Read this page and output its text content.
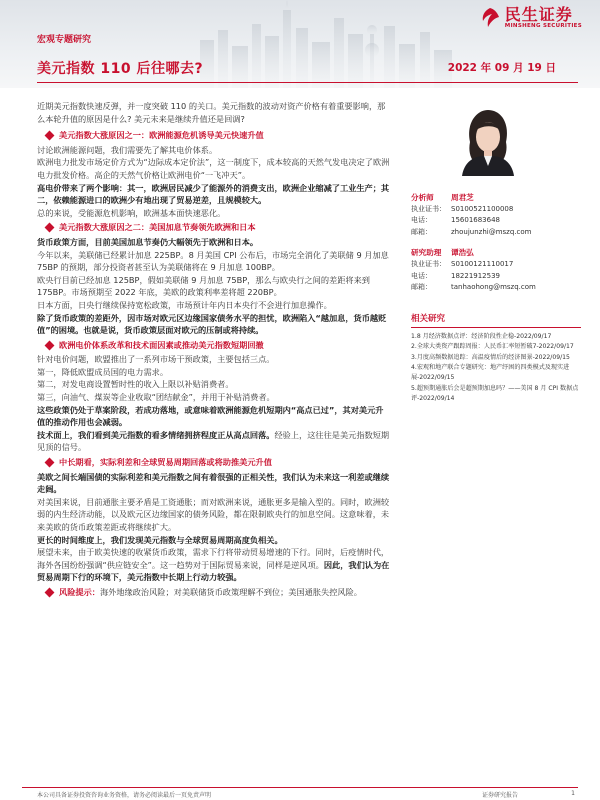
民生证券
MINSHENG SECURITIES
宏观专题研究
美元指数 110 后往哪去?	2022 年 09 月 19 日

近期美元指数快速反弹，并一度突破 110 的关口。美元指数的波动对资产价格有着重要影响，那么本轮升值的原因是什么? 美元未来是继续升值还是回调?

美元指数大涨原因之一：欧洲能源危机诱导美元快速升值

讨论欧洲能源问题，我们需要先了解其电价体系。

欧洲电力批发市场定价方式为“边际成本定价法”，这一制度下，成本较高的天然气发电决定了欧洲电力批发价格。高企的天然气价格让欧洲电价“一飞冲天”。

高电价带来了两个影响：其一，欧洲居民减少了能源外的消费支出，欧洲企业缩减了工业生产；其二，依赖能源进口的欧洲少有地出现了贸易逆差，且规模较大。

总的来说，受能源危机影响，欧洲基本面快速恶化。

美元指数大涨原因之二：美国加息节奏领先欧洲和日本

货币政策方面，目前美国加息节奏仍大幅领先于欧洲和日本。

今年以来，美联储已经累计加息 225BP。8 月美国 CPI 公布后，市场完全消化了美联储 9 月加息 75BP 的预期，部分投资者甚至认为美联储将在 9 月加息 100BP。

欧央行目前已经加息 125BP，假如美联储 9 月加息 75BP，那么与欧央行之间的差距将来到 175BP。市场预期至 2022 年底，美欧的政策利率差将超 220BP。

日本方面，日央行继续保持宽松政策，市场预计年内日本央行不会进行加息操作。

除了货币政策的差距外，因市场对欧元区边缘国家债务水平的担忧，欧洲陷入“越加息，货币越贬值”的困境。也就是说，货币政策层面对欧元的压制或将持续。

欧洲电价体系改革和技术面因素或推动美元指数短期回撤

针对电价问题，欧盟推出了一系列市场干预政策，主要包括三点。

第一，降低欧盟成员国的电力需求。

第二，对发电商设置暂时性的收入上限以补贴消费者。

第三，向油气、煤炭等企业收取“团结献金”，并用于补贴消费者。

这些政策仍处于草案阶段，若成功落地，或意味着欧洲能源危机短期内“高点已过”，其对美元升值的推动作用也会减弱。

技术面上，我们看到美元指数的看多情绪拥挤程度正从高点回落。经验上，这往往是美元指数短期见顶的信号。

中长期看，实际利差和全球贸易周期回落或将助推美元升值

美欧之间长端国债的实际利差和美元指数之间有着很强的正相关性，我们认为未来这一利差或继续走阔。

对美国来说，目前通胀主要矛盾是工资通胀；而对欧洲来说，通胀更多是输入型的。同时，欧洲较弱的内生经济动能，以及欧元区边缘国家的债务风险，都在限制欧央行的加息空间。这意味着，未来美欧的货币政策差距或将继续扩大。

更长的时间维度上，我们发现美元指数与全球贸易周期高度负相关。

展望未来，由于欧美快速的收紧货币政策，需求下行将带动贸易增速的下行。同时，后疫情时代，海外各国纷纷强调“供应链安全”。这一趋势对于国际贸易来说，同样是逆风项。因此，我们认为在贸易周期下行的环境下，美元指数中长期上行动力较强。

风险提示：海外地缘政治风险；对美联储货币政策理解不到位；美国通胀失控风险。
分析师	周君芝
执业证书： S0100521100008
电话：	15601683648
邮箱：	zhoujunzhi@mszq.com
研究助理	谭浩弘
执业证书： S0100121110017
电话：	18221912539
邮箱：	tanhaohong@mszq.com
相关研究
1.8 月经济数据点评：经济阶段性企稳-2022/09/17
2.全球大类资产跟踪周报：人民币汇率短暂破7-2022/09/17
3.月度高频数据追踪：高温疫情后的经济图景-2022/09/15
4.宏观和地产联合专题研究：地产纾困的四类模式及现实进展-2022/09/15
5.超预期通胀后会是超预期加息吗？——美国 8 月 CPI 数据点评-2022/09/14
本公司具备证券投资咨询业务资格，请务必阅读最后一页免责声明	证券研究报告	1
